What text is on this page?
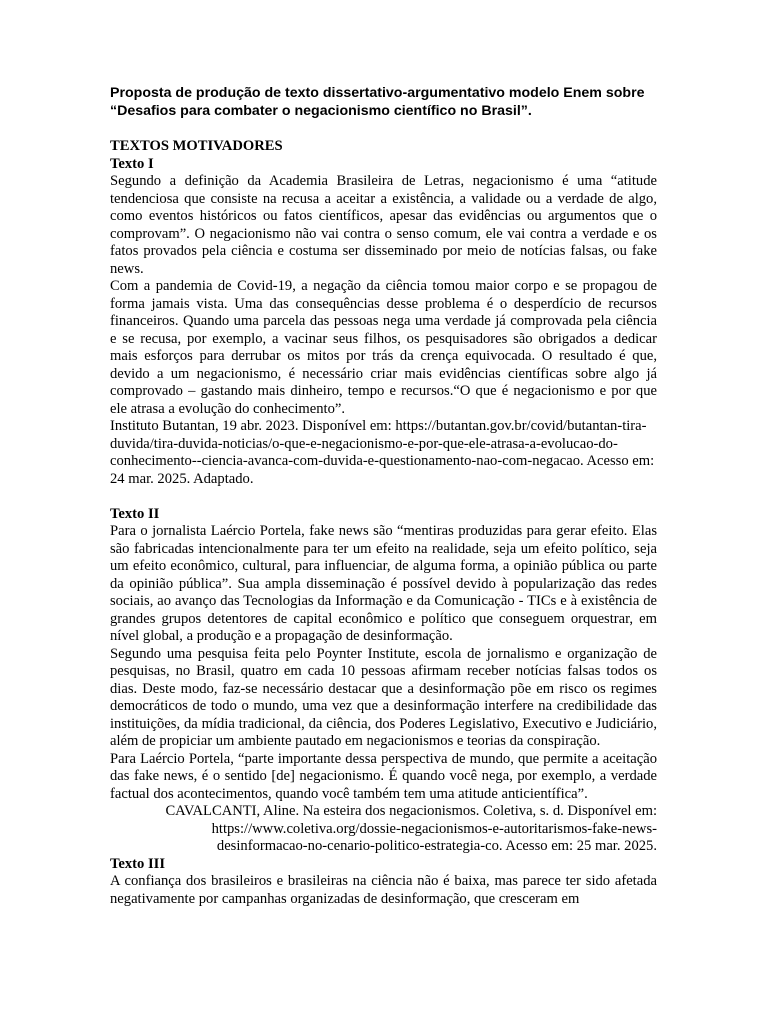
Proposta de produção de texto dissertativo-argumentativo modelo Enem sobre “Desafios para combater o negacionismo científico no Brasil”.
TEXTOS MOTIVADORES
Texto I

Segundo a definição da Academia Brasileira de Letras, negacionismo é uma “atitude tendenciosa que consiste na recusa a aceitar a existência, a validade ou a verdade de algo, como eventos históricos ou fatos científicos, apesar das evidências ou argumentos que o comprovam”. O negacionismo não vai contra o senso comum, ele vai contra a verdade e os fatos provados pela ciência e costuma ser disseminado por meio de notícias falsas, ou fake news.

Com a pandemia de Covid-19, a negação da ciência tomou maior corpo e se propagou de forma jamais vista. Uma das consequências desse problema é o desperdício de recursos financeiros. Quando uma parcela das pessoas nega uma verdade já comprovada pela ciência e se recusa, por exemplo, a vacinar seus filhos, os pesquisadores são obrigados a dedicar mais esforços para derrubar os mitos por trás da crença equivocada. O resultado é que, devido a um negacionismo, é necessário criar mais evidências científicas sobre algo já comprovado – gastando mais dinheiro, tempo e recursos.“O que é negacionismo e por que ele atrasa a evolução do conhecimento”.

Instituto Butantan, 19 abr. 2023. Disponível em: https://butantan.gov.br/covid/butantan-tira-duvida/tira-duvida-noticias/o-que-e-negacionismo-e-por-que-ele-atrasa-a-evolucao-do-conhecimento--ciencia-avanca-com-duvida-e-questionamento-nao-com-negacao. Acesso em: 24 mar. 2025. Adaptado.

Texto II

Para o jornalista Laércio Portela, fake news são “mentiras produzidas para gerar efeito. Elas são fabricadas intencionalmente para ter um efeito na realidade, seja um efeito político, seja um efeito econômico, cultural, para influenciar, de alguma forma, a opinião pública ou parte da opinião pública”. Sua ampla disseminação é possível devido à popularização das redes sociais, ao avanço das Tecnologias da Informação e da Comunicação - TICs e à existência de grandes grupos detentores de capital econômico e político que conseguem orquestrar, em nível global, a produção e a propagação de desinformação.

Segundo uma pesquisa feita pelo Poynter Institute, escola de jornalismo e organização de pesquisas, no Brasil, quatro em cada 10 pessoas afirmam receber notícias falsas todos os dias. Deste modo, faz-se necessário destacar que a desinformação põe em risco os regimes democráticos de todo o mundo, uma vez que a desinformação interfere na credibilidade das instituições, da mídia tradicional, da ciência, dos Poderes Legislativo, Executivo e Judiciário, além de propiciar um ambiente pautado em negacionismos e teorias da conspiração.

Para Laércio Portela, “parte importante dessa perspectiva de mundo, que permite a aceitação das fake news, é o sentido [de] negacionismo. É quando você nega, por exemplo, a verdade factual dos acontecimentos, quando você também tem uma atitude anticientífica”.

CAVALCANTI, Aline. Na esteira dos negacionismos. Coletiva, s. d. Disponível em:
https://www.coletiva.org/dossie-negacionismos-e-autoritarismos-fake-news-
desinformacao-no-cenario-politico-estrategia-co. Acesso em: 25 mar. 2025.
Texto III

A confiança dos brasileiros e brasileiras na ciência não é baixa, mas parece ter sido afetada negativamente por campanhas organizadas de desinformação, que cresceram em
